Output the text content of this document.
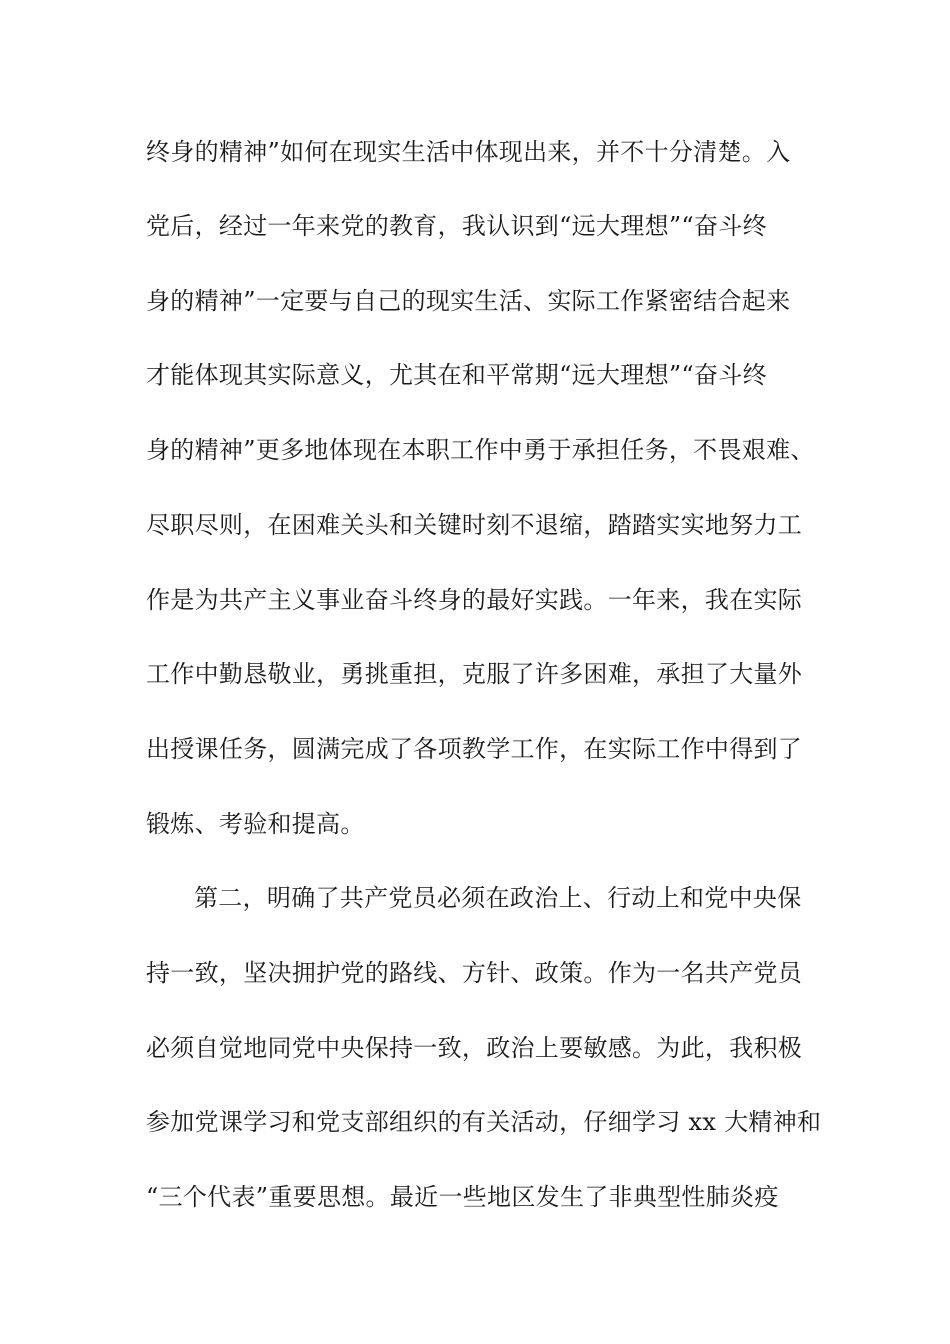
终身的精神”如何在现实生活中体现出来，并不十分清楚。入
党后，经过一年来党的教育，我认识到“远大理想”“奋斗终
身的精神”一定要与自己的现实生活、实际工作紧密结合起来
才能体现其实际意义，尤其在和平常期“远大理想”“奋斗终
身的精神”更多地体现在本职工作中勇于承担任务，不畏艰难、
尽职尽则，在困难关头和关键时刻不退缩，踏踏实实地努力工
作是为共产主义事业奋斗终身的最好实践。一年来，我在实际
工作中勤恳敬业，勇挑重担，克服了许多困难，承担了大量外
出授课任务，圆满完成了各项教学工作，在实际工作中得到了
锻炼、考验和提高。
第二，明确了共产党员必须在政治上、行动上和党中央保
持一致，坚决拥护党的路线、方针、政策。作为一名共产党员
必须自觉地同党中央保持一致，政治上要敏感。为此，我积极
参加党课学习和党支部组织的有关活动，仔细学习 xx 大精神和
“三个代表”重要思想。最近一些地区发生了非典型性肺炎疫
